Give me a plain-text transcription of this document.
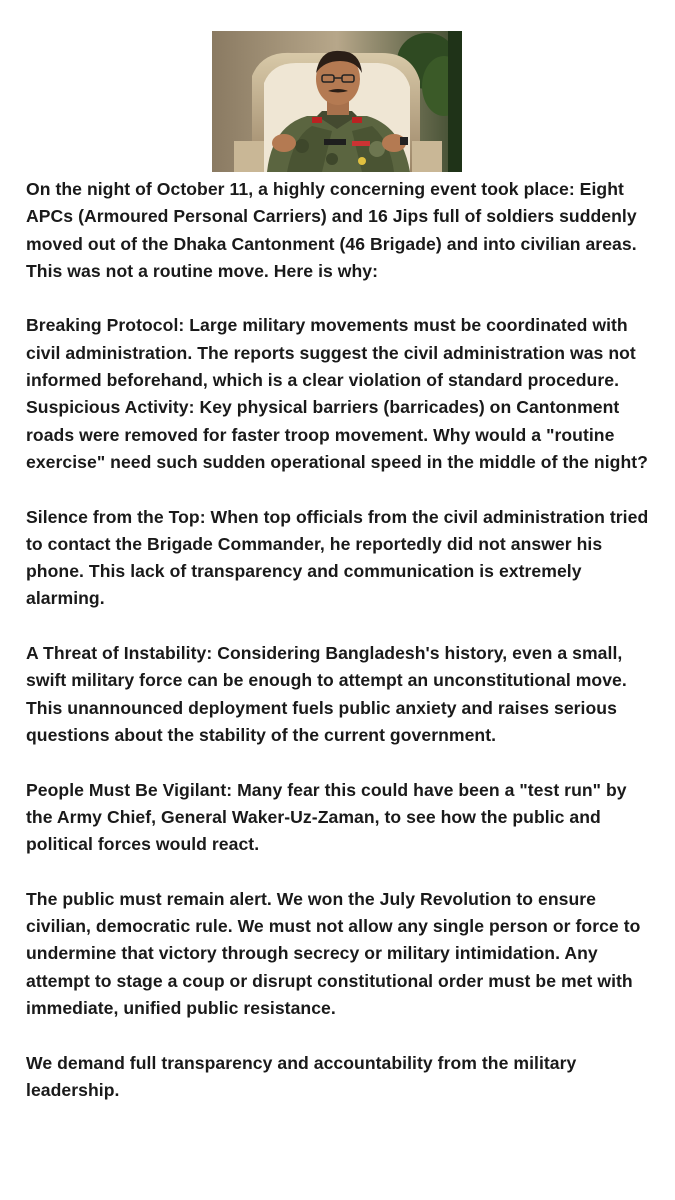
On the night of October 11, a highly concerning event took place: Eight APCs (Armoured Personal Carriers) and 16 Jips full of soldiers suddenly moved out of the Dhaka Cantonment (46 Brigade) and into civilian areas.

This was not a routine move. Here is why:

Breaking Protocol: Large military movements must be coordinated with civil administration. The reports suggest the civil administration was not informed beforehand, which is a clear violation of standard procedure.

Suspicious Activity: Key physical barriers (barricades) on Cantonment roads were removed for faster troop movement. Why would a "routine exercise" need such sudden operational speed in the middle of the night?

Silence from the Top: When top officials from the civil administration tried to contact the Brigade Commander, he reportedly did not answer his phone. This lack of transparency and communication is extremely alarming.

A Threat of Instability: Considering Bangladesh's history, even a small, swift military force can be enough to attempt an unconstitutional move. This unannounced deployment fuels public anxiety and raises serious questions about the stability of the current government.

People Must Be Vigilant: Many fear this could have been a "test run" by the Army Chief, General Waker-Uz-Zaman, to see how the public and political forces would react.

The public must remain alert. We won the July Revolution to ensure civilian, democratic rule. We must not allow any single person or force to undermine that victory through secrecy or military intimidation. Any attempt to stage a coup or disrupt constitutional order must be met with immediate, unified public resistance.

We demand full transparency and accountability from the military leadership.
